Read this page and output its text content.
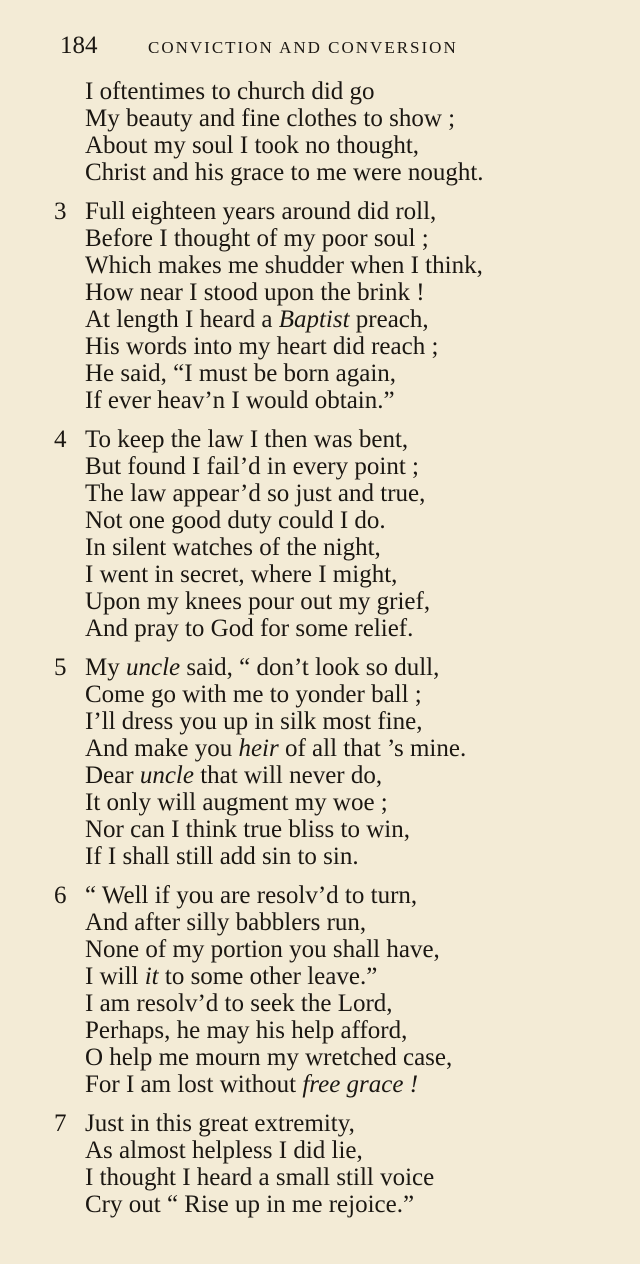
184	CONVICTION AND CONVERSION
I oftentimes to church did go
My beauty and fine clothes to show ;
About my soul I took no thought,
Christ and his grace to me were nought.
3 Full eighteen years around did roll,
Before I thought of my poor soul ;
Which makes me shudder when I think,
How near I stood upon the brink !
At length I heard a Baptist preach,
His words into my heart did reach ;
He said, “I must be born again,
If ever heav’n I would obtain.”
4 To keep the law I then was bent,
But found I fail’d in every point ;
The law appear’d so just and true,
Not one good duty could I do.
In silent watches of the night,
I went in secret, where I might,
Upon my knees pour out my grief,
And pray to God for some relief.
5 My uncle said, “ don’t look so dull,
Come go with me to yonder ball ;
I’ll dress you up in silk most fine,
And make you heir of all that ’s mine.
Dear uncle that will never do,
It only will augment my woe ;
Nor can I think true bliss to win,
If I shall still add sin to sin.
6 “ Well if you are resolv’d to turn,
And after silly babblers run,
None of my portion you shall have,
I will it to some other leave.”
I am resolv’d to seek the Lord,
Perhaps, he may his help afford,
O help me mourn my wretched case,
For I am lost without free grace !
7 Just in this great extremity,
As almost helpless I did lie,
I thought I heard a small still voice
Cry out “ Rise up in me rejoice.”
